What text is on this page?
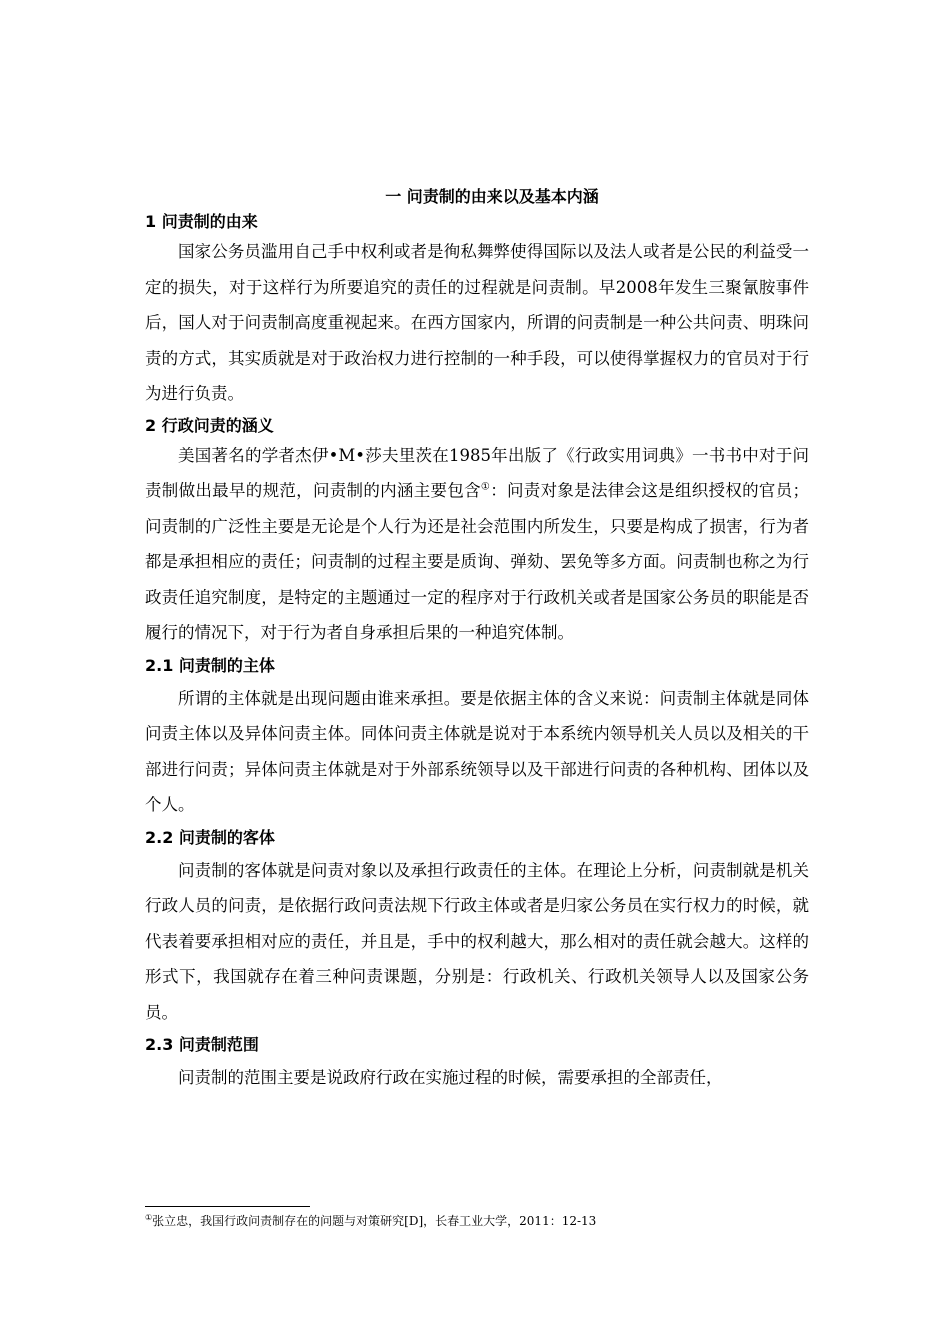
一 问责制的由来以及基本内涵
1 问责制的由来

国家公务员滥用自己手中权利或者是徇私舞弊使得国际以及法人或者是公民的利益受一定的损失，对于这样行为所要追究的责任的过程就是问责制。早2008年发生三聚氰胺事件后，国人对于问责制高度重视起来。在西方国家内，所谓的问责制是一种公共问责、明珠问责的方式，其实质就是对于政治权力进行控制的一种手段，可以使得掌握权力的官员对于行为进行负责。

2 行政问责的涵义

美国著名的学者杰伊•M•莎夫里茨在1985年出版了《行政实用词典》一书书中对于问责制做出最早的规范，问责制的内涵主要包含①：问责对象是法律会这是组织授权的官员；问责制的广泛性主要是无论是个人行为还是社会范围内所发生，只要是构成了损害，行为者都是承担相应的责任；问责制的过程主要是质询、弹劾、罢免等多方面。问责制也称之为行政责任追究制度，是特定的主题通过一定的程序对于行政机关或者是国家公务员的职能是否履行的情况下，对于行为者自身承担后果的一种追究体制。

2.1 问责制的主体

所谓的主体就是出现问题由谁来承担。要是依据主体的含义来说：问责制主体就是同体问责主体以及异体问责主体。同体问责主体就是说对于本系统内领导机关人员以及相关的干部进行问责；异体问责主体就是对于外部系统领导以及干部进行问责的各种机构、团体以及个人。

2.2 问责制的客体

问责制的客体就是问责对象以及承担行政责任的主体。在理论上分析，问责制就是机关行政人员的问责，是依据行政问责法规下行政主体或者是归家公务员在实行权力的时候，就代表着要承担相对应的责任，并且是，手中的权利越大，那么相对的责任就会越大。这样的形式下，我国就存在着三种问责课题，分别是：行政机关、行政机关领导人以及国家公务员。

2.3 问责制范围

问责制的范围主要是说政府行政在实施过程的时候，需要承担的全部责任，

①张立忠，我国行政问责制存在的问题与对策研究[D]，长春工业大学，2011：12-13
